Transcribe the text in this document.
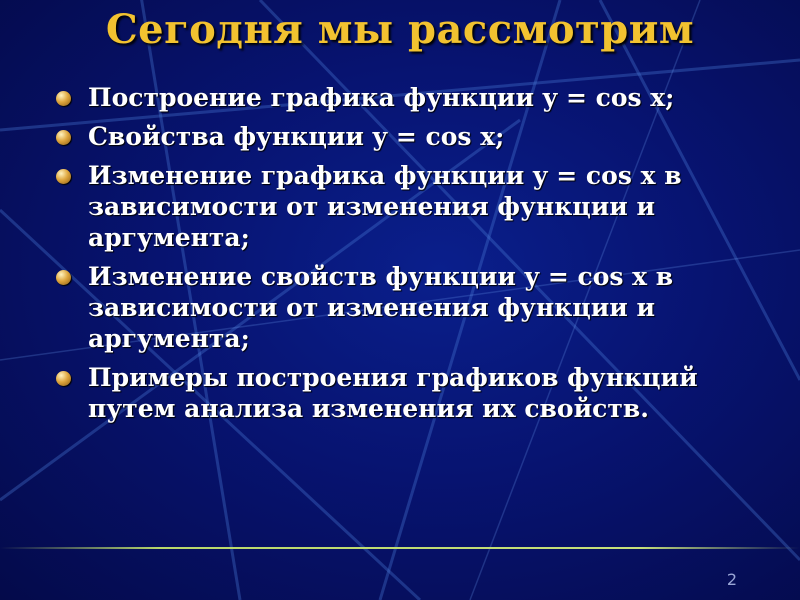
Сегодня мы рассмотрим
Построение графика функции y = cos x;
Свойства функции y = cos x;
Изменение графика функции y = cos x в зависимости от изменения функции и аргумента;
Изменение свойств функции y = cos x в зависимости от изменения функции и аргумента;
Примеры построения графиков функций путем анализа изменения их свойств.
2
